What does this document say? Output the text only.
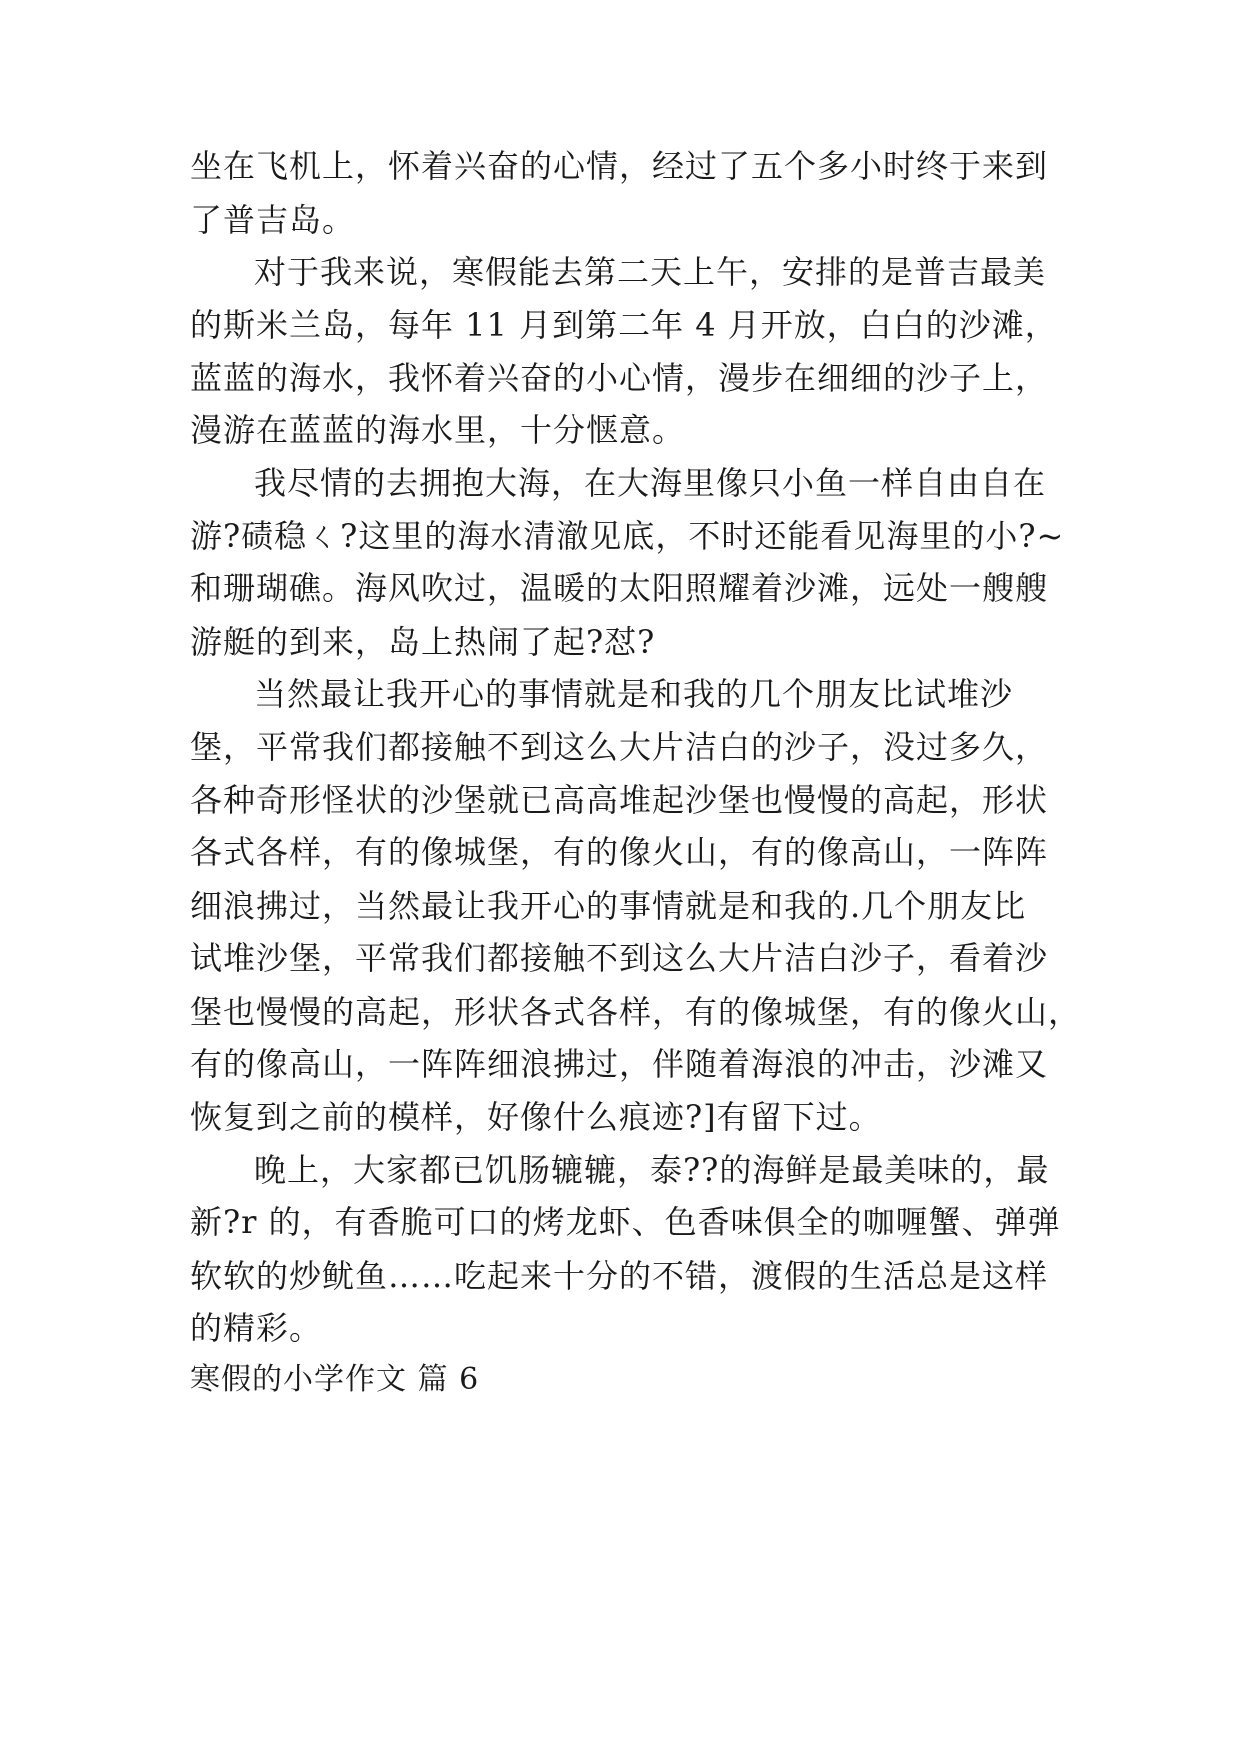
坐在飞机上，怀着兴奋的心情，经过了五个多小时终于来到
了普吉岛。
对于我来说，寒假能去第二天上午，安排的是普吉最美
的斯米兰岛，每年 11 月到第二年 4 月开放，白白的沙滩，
蓝蓝的海水，我怀着兴奋的小心情，漫步在细细的沙子上，
漫游在蓝蓝的海水里，十分惬意。
我尽情的去拥抱大海，在大海里像只小鱼一样自由自在
游?碛稳ㄑ?这里的海水清澈见底，不时还能看见海里的小?~
和珊瑚礁。海风吹过，温暖的太阳照耀着沙滩，远处一艘艘
游艇的到来，岛上热闹了起?怼?
当然最让我开心的事情就是和我的几个朋友比试堆沙
堡，平常我们都接触不到这么大片洁白的沙子，没过多久，
各种奇形怪状的沙堡就已高高堆起沙堡也慢慢的高起，形状
各式各样，有的像城堡，有的像火山，有的像高山，一阵阵
细浪拂过，当然最让我开心的事情就是和我的.几个朋友比
试堆沙堡，平常我们都接触不到这么大片洁白沙子，看着沙
堡也慢慢的高起，形状各式各样，有的像城堡，有的像火山，
有的像高山，一阵阵细浪拂过，伴随着海浪的冲击，沙滩又
恢复到之前的模样，好像什么痕迹?]有留下过。
晚上，大家都已饥肠辘辘，泰??的海鲜是最美味的，最
新?r 的，有香脆可口的烤龙虾、色香味俱全的咖喱蟹、弹弹
软软的炒鱿鱼……吃起来十分的不错，渡假的生活总是这样
的精彩。
寒假的小学作文 篇 6
